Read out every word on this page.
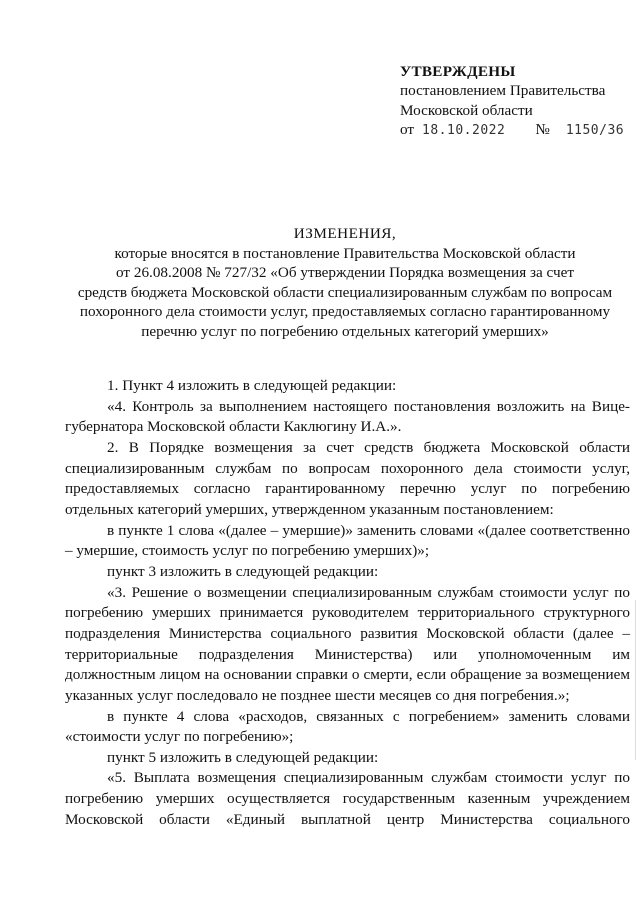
УТВЕРЖДЕНЫ
постановлением Правительства
Московской области
от 18.10.2022 № 1150/36
ИЗМЕНЕНИЯ,
которые вносятся в постановление Правительства Московской области
от 26.08.2008 № 727/32 «Об утверждении Порядка возмещения за счет
средств бюджета Московской области специализированным службам по вопросам
похоронного дела стоимости услуг, предоставляемых согласно гарантированному
перечню услуг по погребению отдельных категорий умерших»

1. Пункт 4 изложить в следующей редакции:

«4. Контроль за выполнением настоящего постановления возложить на Вице-губернатора Московской области Каклюгину И.А.».

2. В Порядке возмещения за счет средств бюджета Московской области специализированным службам по вопросам похоронного дела стоимости услуг, предоставляемых согласно гарантированному перечню услуг по погребению отдельных категорий умерших, утвержденном указанным постановлением:

в пункте 1 слова «(далее – умершие)» заменить словами «(далее соответственно – умершие, стоимость услуг по погребению умерших)»;

пункт 3 изложить в следующей редакции:

«3. Решение о возмещении специализированным службам стоимости услуг по погребению умерших принимается руководителем территориального структурного подразделения Министерства социального развития Московской области (далее – территориальные подразделения Министерства) или уполномоченным им должностным лицом на основании справки о смерти, если обращение за возмещением указанных услуг последовало не позднее шести месяцев со дня погребения.»;

в пункте 4 слова «расходов, связанных с погребением» заменить словами «стоимости услуг по погребению»;

пункт 5 изложить в следующей редакции:

«5. Выплата возмещения специализированным службам стоимости услуг по погребению умерших осуществляется государственным казенным учреждением Московской области «Единый выплатной центр Министерства социального
